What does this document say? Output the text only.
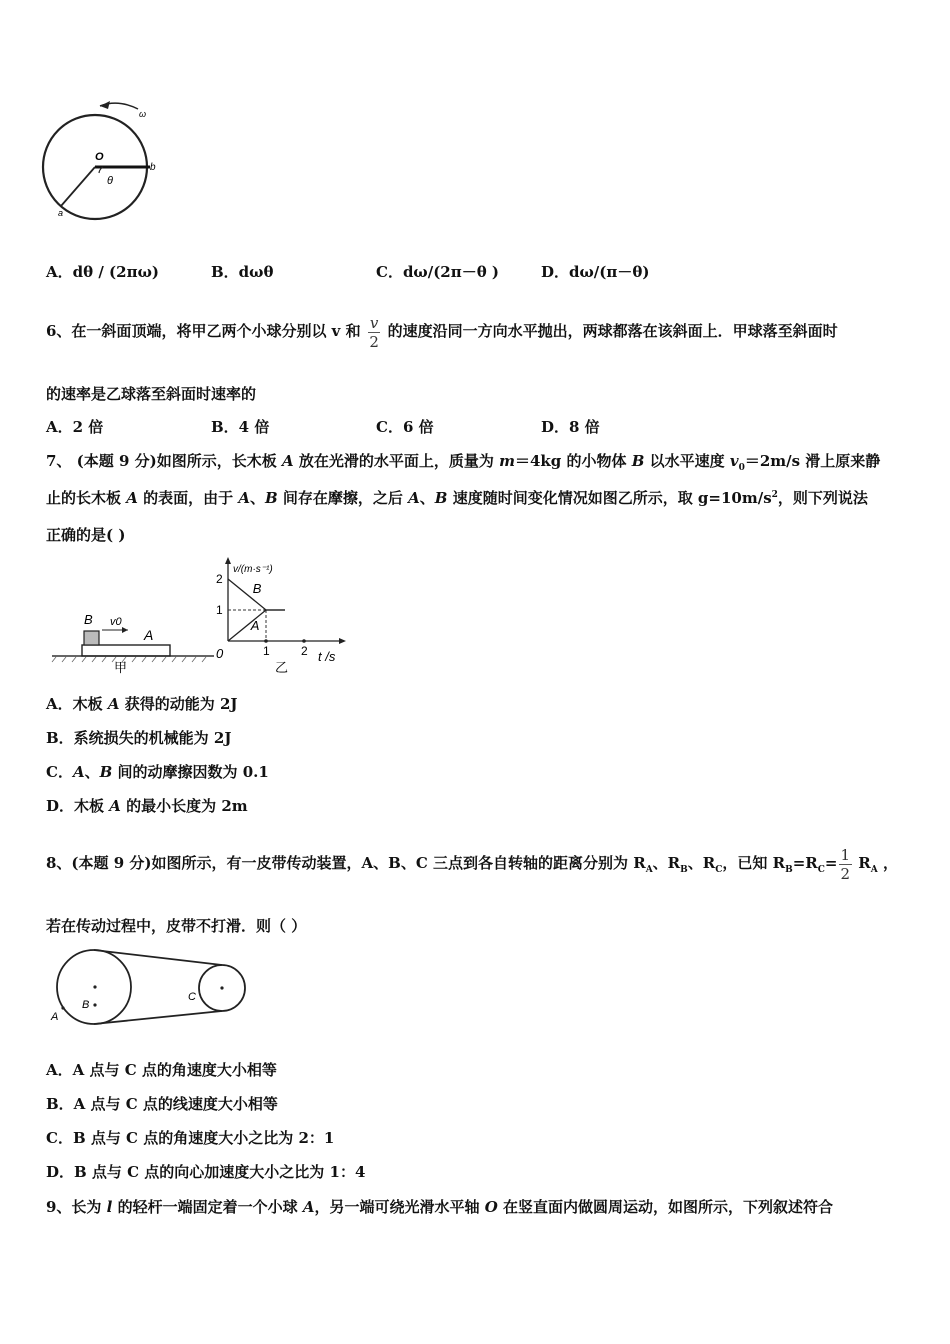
ω
O
b
θ
a
A．dθ / (2πω)	B．dωθ	C．dω/(2π－θ )	D．dω/(π－θ)
6、在一斜面顶端，将甲乙两个小球分别以 v 和 $\frac{v}{2}$ 的速度沿同一方向水平抛出，两球都落在该斜面上．甲球落至斜面时
的速率是乙球落至斜面时速率的
A．2 倍	B．4 倍	C．6 倍	D．8 倍
7、 (本题 9 分)如图所示，长木板 A 放在光滑的水平面上，质量为 m＝4kg 的小物体 B 以水平速度 $v_0=2m/s$ 滑上原来静
止的长木板 A 的表面，由于 A、B 间存在摩擦，之后 A、B 速度随时间变化情况如图乙所示，取 $g=10m/s^2$，则下列说法
正确的是( )
B v0
A
甲
v/(m·s⁻¹)
t /s
0
乙
2
1
1	2
B
A
A．木板 A 获得的动能为 2J
B．系统损失的机械能为 2J
C．A、B 间的动摩擦因数为 0.1
D．木板 A 的最小长度为 2m
8、(本题 9 分)如图所示，有一皮带传动装置，A、B、C 三点到各自转轴的距离分别为 $R_A$、$R_B$、$R_C$，已知 $R_B=R_C= \frac{1}{2} R_A$ ，
若在传动过程中，皮带不打滑．则（ ）
A
B
C
A．A 点与 C 点的角速度大小相等
B．A 点与 C 点的线速度大小相等
C．B 点与 C 点的角速度大小之比为 2：1
D．B 点与 C 点的向心加速度大小之比为 1：4
9、长为 l 的轻杆一端固定着一个小球 A，另一端可绕光滑水平轴 O 在竖直面内做圆周运动，如图所示，下列叙述符合
